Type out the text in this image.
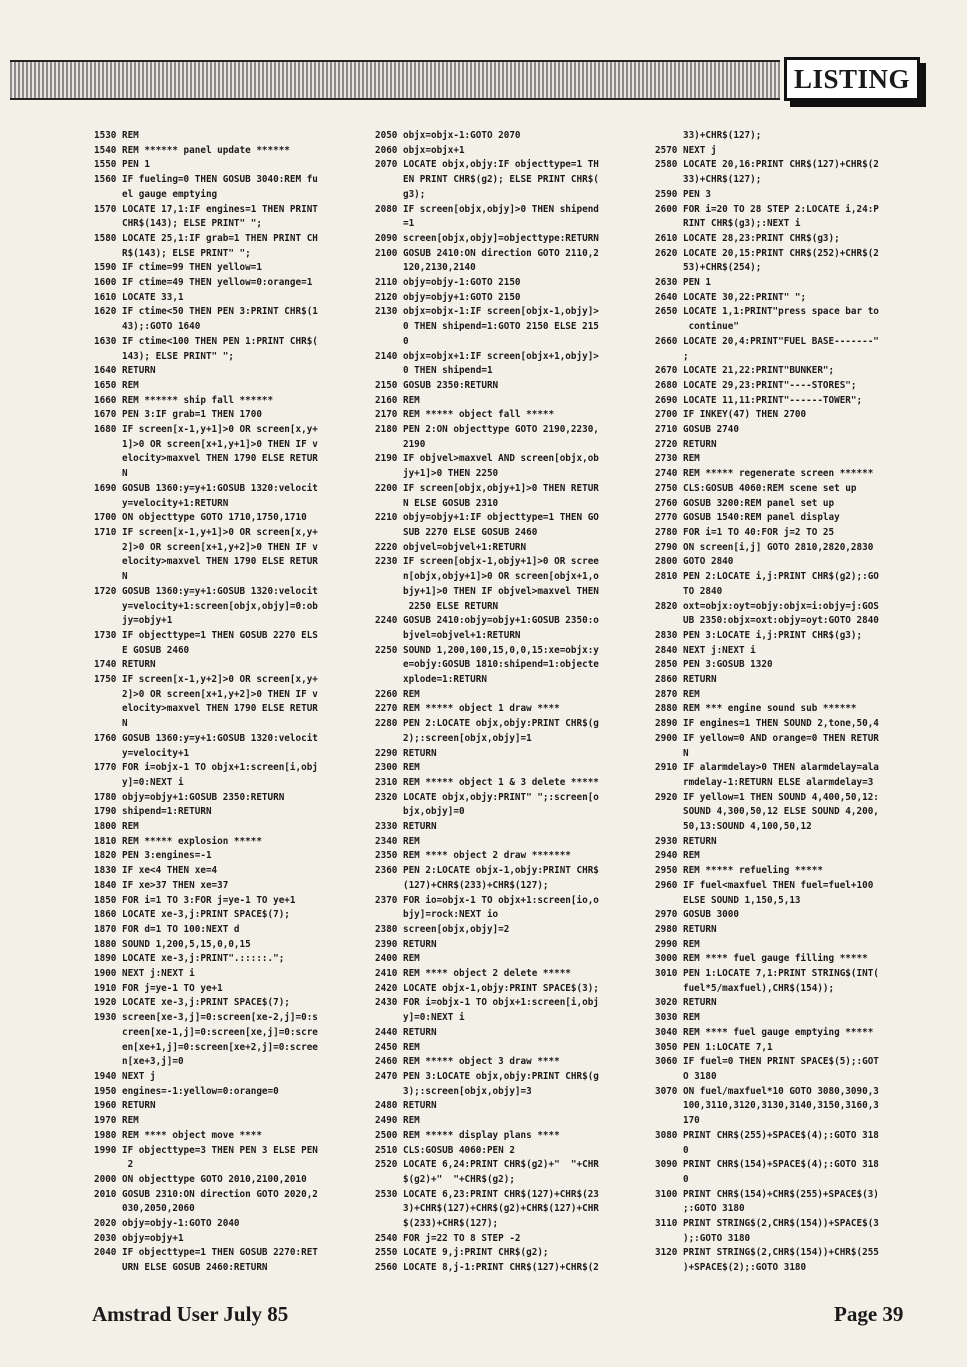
LISTING
1530 REM
1540 REM ****** panel update ******
1550 PEN 1
1560 IF fueling=0 THEN GOSUB 3040:REM fu
el gauge emptying
1570 LOCATE 17,1:IF engines=1 THEN PRINT
CHR$(143); ELSE PRINT" ";
1580 LOCATE 25,1:IF grab=1 THEN PRINT CH
R$(143); ELSE PRINT" ";
1590 IF ctime=99 THEN yellow=1
1600 IF ctime=49 THEN yellow=0:orange=1
1610 LOCATE 33,1
1620 IF ctime<50 THEN PEN 3:PRINT CHR$(1
43);:GOTO 1640
1630 IF ctime<100 THEN PEN 1:PRINT CHR$(
143); ELSE PRINT" ";
1640 RETURN
1650 REM
1660 REM ****** ship fall ******
1670 PEN 3:IF grab=1 THEN 1700
1680 IF screen[x-1,y+1]>0 OR screen[x,y+
1]>0 OR screen[x+1,y+1]>0 THEN IF v
elocity>maxvel THEN 1790 ELSE RETUR
N
1690 GOSUB 1360:y=y+1:GOSUB 1320:velocit
y=velocity+1:RETURN
1700 ON objecttype GOTO 1710,1750,1710
1710 IF screen[x-1,y+1]>0 OR screen[x,y+
2]>0 OR screen[x+1,y+2]>0 THEN IF v
elocity>maxvel THEN 1790 ELSE RETUR
N
1720 GOSUB 1360:y=y+1:GOSUB 1320:velocit
y=velocity+1:screen[objx,objy]=0:ob
jy=objy+1
1730 IF objecttype=1 THEN GOSUB 2270 ELS
E GOSUB 2460
1740 RETURN
1750 IF screen[x-1,y+2]>0 OR screen[x,y+
2]>0 OR screen[x+1,y+2]>0 THEN IF v
elocity>maxvel THEN 1790 ELSE RETUR
N
1760 GOSUB 1360:y=y+1:GOSUB 1320:velocit
y=velocity+1
1770 FOR i=objx-1 TO objx+1:screen[i,obj
y]=0:NEXT i
1780 objy=objy+1:GOSUB 2350:RETURN
1790 shipend=1:RETURN
1800 REM
1810 REM ***** explosion *****
1820 PEN 3:engines=-1
1830 IF xe<4 THEN xe=4
1840 IF xe>37 THEN xe=37
1850 FOR i=1 TO 3:FOR j=ye-1 TO ye+1
1860 LOCATE xe-3,j:PRINT SPACE$(7);
1870 FOR d=1 TO 100:NEXT d
1880 SOUND 1,200,5,15,0,0,15
1890 LOCATE xe-3,j:PRINT".:::::.";
1900 NEXT j:NEXT i
1910 FOR j=ye-1 TO ye+1
1920 LOCATE xe-3,j:PRINT SPACE$(7);
1930 screen[xe-3,j]=0:screen[xe-2,j]=0:s
creen[xe-1,j]=0:screen[xe,j]=0:scre
en[xe+1,j]=0:screen[xe+2,j]=0:scree
n[xe+3,j]=0
1940 NEXT j
1950 engines=-1:yellow=0:orange=0
1960 RETURN
1970 REM
1980 REM **** object move ****
1990 IF objecttype=3 THEN PEN 3 ELSE PEN
2
2000 ON objecttype GOTO 2010,2100,2010
2010 GOSUB 2310:ON direction GOTO 2020,2
030,2050,2060
2020 objy=objy-1:GOTO 2040
2030 objy=objy+1
2040 IF objecttype=1 THEN GOSUB 2270:RET
URN ELSE GOSUB 2460:RETURN
2050 objx=objx-1:GOTO 2070
2060 objx=objx+1
2070 LOCATE objx,objy:IF objecttype=1 TH
EN PRINT CHR$(g2); ELSE PRINT CHR$(
g3);
2080 IF screen[objx,objy]>0 THEN shipend
=1
2090 screen[objx,objy]=objecttype:RETURN
2100 GOSUB 2410:ON direction GOTO 2110,2
120,2130,2140
2110 objy=objy-1:GOTO 2150
2120 objy=objy+1:GOTO 2150
2130 objx=objx-1:IF screen[objx-1,objy]>
0 THEN shipend=1:GOTO 2150 ELSE 215
0
2140 objx=objx+1:IF screen[objx+1,objy]>
0 THEN shipend=1
2150 GOSUB 2350:RETURN
2160 REM
2170 REM ***** object fall *****
2180 PEN 2:ON objecttype GOTO 2190,2230,
2190
2190 IF objvel>maxvel AND screen[objx,ob
jy+1]>0 THEN 2250
2200 IF screen[objx,objy+1]>0 THEN RETUR
N ELSE GOSUB 2310
2210 objy=objy+1:IF objecttype=1 THEN GO
SUB 2270 ELSE GOSUB 2460
2220 objvel=objvel+1:RETURN
2230 IF screen[objx-1,objy+1]>0 OR scree
n[objx,objy+1]>0 OR screen[objx+1,o
bjy+1]>0 THEN IF objvel>maxvel THEN
2250 ELSE RETURN
2240 GOSUB 2410:objy=objy+1:GOSUB 2350:o
bjvel=objvel+1:RETURN
2250 SOUND 1,200,100,15,0,0,15:xe=objx:y
e=objy:GOSUB 1810:shipend=1:objecte
xplode=1:RETURN
2260 REM
2270 REM ***** object 1 draw ****
2280 PEN 2:LOCATE objx,objy:PRINT CHR$(g
2);:screen[objx,objy]=1
2290 RETURN
2300 REM
2310 REM ***** object 1 & 3 delete *****
2320 LOCATE objx,objy:PRINT" ";:screen[o
bjx,objy]=0
2330 RETURN
2340 REM
2350 REM **** object 2 draw *******
2360 PEN 2:LOCATE objx-1,objy:PRINT CHR$
(127)+CHR$(233)+CHR$(127);
2370 FOR io=objx-1 TO objx+1:screen[io,o
bjy]=rock:NEXT io
2380 screen[objx,objy]=2
2390 RETURN
2400 REM
2410 REM **** object 2 delete *****
2420 LOCATE objx-1,objy:PRINT SPACE$(3);
2430 FOR i=objx-1 TO objx+1:screen[i,obj
y]=0:NEXT i
2440 RETURN
2450 REM
2460 REM ***** object 3 draw ****
2470 PEN 3:LOCATE objx,objy:PRINT CHR$(g
3);:screen[objx,objy]=3
2480 RETURN
2490 REM
2500 REM ***** display plans ****
2510 CLS:GOSUB 4060:PEN 2
2520 LOCATE 6,24:PRINT CHR$(g2)+"  "+CHR
$(g2)+"  "+CHR$(g2);
2530 LOCATE 6,23:PRINT CHR$(127)+CHR$(23
3)+CHR$(127)+CHR$(g2)+CHR$(127)+CHR
$(233)+CHR$(127);
2540 FOR j=22 TO 8 STEP -2
2550 LOCATE 9,j:PRINT CHR$(g2);
2560 LOCATE 8,j-1:PRINT CHR$(127)+CHR$(2
33)+CHR$(127);
2570 NEXT j
2580 LOCATE 20,16:PRINT CHR$(127)+CHR$(2
33)+CHR$(127);
2590 PEN 3
2600 FOR i=20 TO 28 STEP 2:LOCATE i,24:P
RINT CHR$(g3);:NEXT i
2610 LOCATE 28,23:PRINT CHR$(g3);
2620 LOCATE 20,15:PRINT CHR$(252)+CHR$(2
53)+CHR$(254);
2630 PEN 1
2640 LOCATE 30,22:PRINT" ";
2650 LOCATE 1,1:PRINT"press space bar to
continue"
2660 LOCATE 20,4:PRINT"FUEL BASE-------"
;
2670 LOCATE 21,22:PRINT"BUNKER";
2680 LOCATE 29,23:PRINT"----STORES";
2690 LOCATE 11,11:PRINT"------TOWER";
2700 IF INKEY(47) THEN 2700
2710 GOSUB 2740
2720 RETURN
2730 REM
2740 REM ***** regenerate screen ******
2750 CLS:GOSUB 4060:REM scene set up
2760 GOSUB 3200:REM panel set up
2770 GOSUB 1540:REM panel display
2780 FOR i=1 TO 40:FOR j=2 TO 25
2790 ON screen[i,j] GOTO 2810,2820,2830
2800 GOTO 2840
2810 PEN 2:LOCATE i,j:PRINT CHR$(g2);:GO
TO 2840
2820 oxt=objx:oyt=objy:objx=i:objy=j:GOS
UB 2350:objx=oxt:objy=oyt:GOTO 2840
2830 PEN 3:LOCATE i,j:PRINT CHR$(g3);
2840 NEXT j:NEXT i
2850 PEN 3:GOSUB 1320
2860 RETURN
2870 REM
2880 REM *** engine sound sub ******
2890 IF engines=1 THEN SOUND 2,tone,50,4
2900 IF yellow=0 AND orange=0 THEN RETUR
N
2910 IF alarmdelay>0 THEN alarmdelay=ala
rmdelay-1:RETURN ELSE alarmdelay=3
2920 IF yellow=1 THEN SOUND 4,400,50,12:
SOUND 4,300,50,12 ELSE SOUND 4,200,
50,13:SOUND 4,100,50,12
2930 RETURN
2940 REM
2950 REM ***** refueling *****
2960 IF fuel<maxfuel THEN fuel=fuel+100
ELSE SOUND 1,150,5,13
2970 GOSUB 3000
2980 RETURN
2990 REM
3000 REM **** fuel gauge filling *****
3010 PEN 1:LOCATE 7,1:PRINT STRING$(INT(
fuel*5/maxfuel),CHR$(154));
3020 RETURN
3030 REM
3040 REM **** fuel gauge emptying *****
3050 PEN 1:LOCATE 7,1
3060 IF fuel=0 THEN PRINT SPACE$(5);:GOT
O 3180
3070 ON fuel/maxfuel*10 GOTO 3080,3090,3
100,3110,3120,3130,3140,3150,3160,3
170
3080 PRINT CHR$(255)+SPACE$(4);:GOTO 318
0
3090 PRINT CHR$(154)+SPACE$(4);:GOTO 318
0
3100 PRINT CHR$(154)+CHR$(255)+SPACE$(3)
;:GOTO 3180
3110 PRINT STRING$(2,CHR$(154))+SPACE$(3
);:GOTO 3180
3120 PRINT STRING$(2,CHR$(154))+CHR$(255
)+SPACE$(2);:GOTO 3180
Amstrad User July 85	Page 39
